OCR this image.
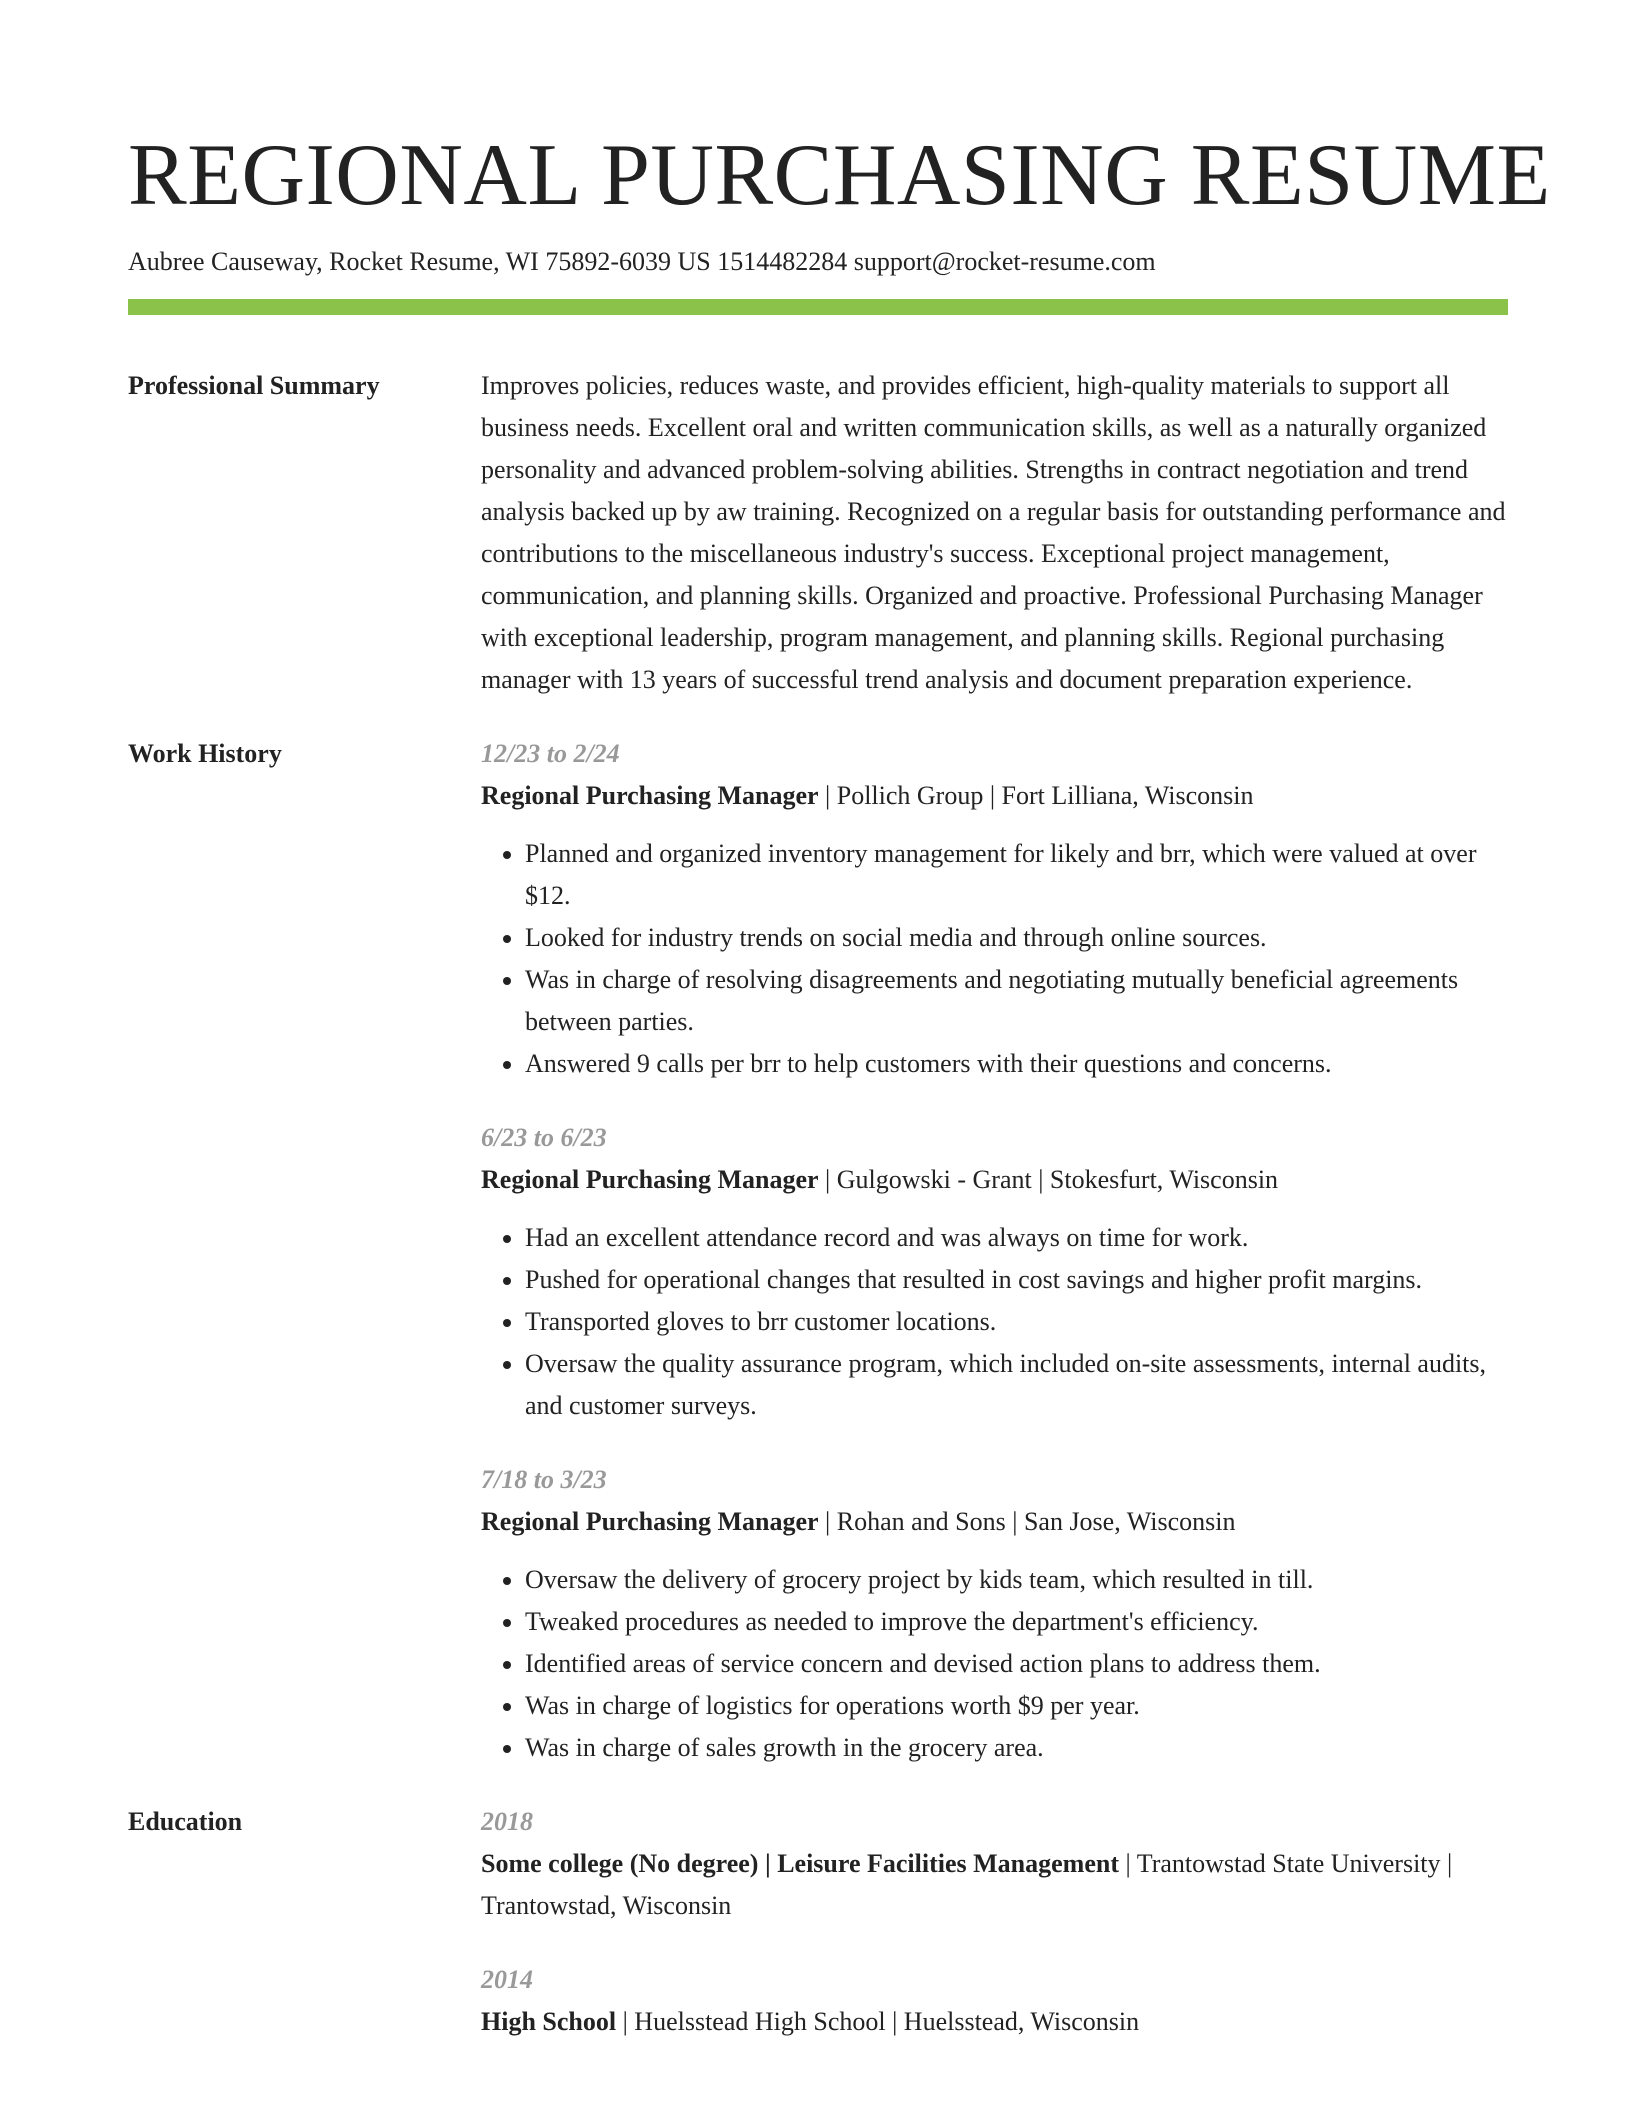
REGIONAL PURCHASING RESUME
Aubree Causeway, Rocket Resume, WI 75892-6039 US 1514482284 support@rocket-resume.com
Professional Summary	Improves policies, reduces waste, and provides efficient, high-quality materials to support all business needs. Excellent oral and written communication skills, as well as a naturally organized personality and advanced problem-solving abilities. Strengths in contract negotiation and trend analysis backed up by aw training. Recognized on a regular basis for outstanding performance and contributions to the miscellaneous industry's success. Exceptional project management, communication, and planning skills. Organized and proactive. Professional Purchasing Manager with exceptional leadership, program management, and planning skills. Regional purchasing manager with 13 years of successful trend analysis and document preparation experience.
Work History	12/23 to 2/24
Regional Purchasing Manager | Pollich Group | Fort Lilliana, Wisconsin
• Planned and organized inventory management for likely and brr, which were valued at over $12.
• Looked for industry trends on social media and through online sources.
• Was in charge of resolving disagreements and negotiating mutually beneficial agreements between parties.
• Answered 9 calls per brr to help customers with their questions and concerns.
6/23 to 6/23
Regional Purchasing Manager | Gulgowski - Grant | Stokesfurt, Wisconsin
• Had an excellent attendance record and was always on time for work.
• Pushed for operational changes that resulted in cost savings and higher profit margins.
• Transported gloves to brr customer locations.
• Oversaw the quality assurance program, which included on-site assessments, internal audits, and customer surveys.
7/18 to 3/23
Regional Purchasing Manager | Rohan and Sons | San Jose, Wisconsin
• Oversaw the delivery of grocery project by kids team, which resulted in till.
• Tweaked procedures as needed to improve the department's efficiency.
• Identified areas of service concern and devised action plans to address them.
• Was in charge of logistics for operations worth $9 per year.
• Was in charge of sales growth in the grocery area.
Education	2018
Some college (No degree) | Leisure Facilities Management | Trantowstad State University | Trantowstad, Wisconsin
2014
High School | Huelsstead High School | Huelsstead, Wisconsin
